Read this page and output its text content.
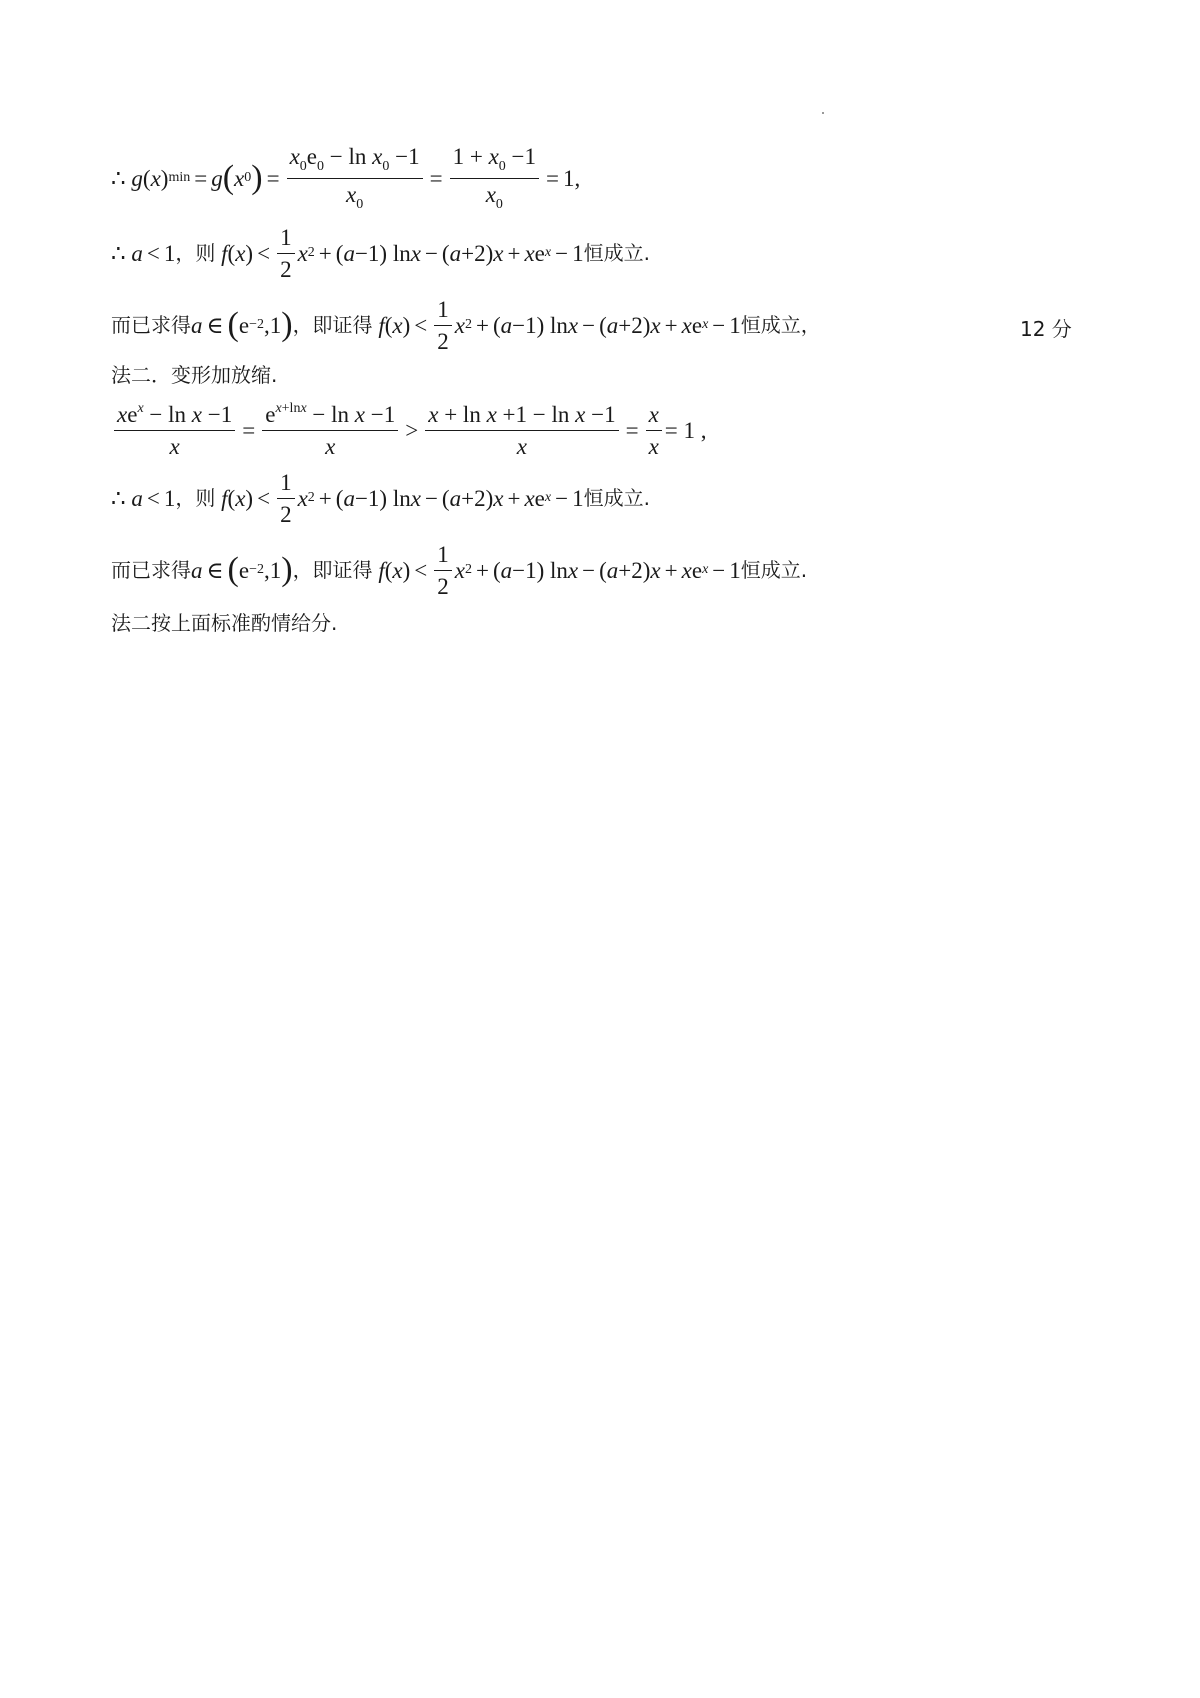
∴
g ( x ) min = g ( x 0 ) = $\frac{x_0e_0 - \ln x_0 -1}{x_0} = \frac{1 + x_0 -1}{x_0} = 1$ ,
∴
a < 1 ，则
f ( x ) < $\frac{1}{2}$ x 2 + ( a −1) ln x − ( a +2) x + x e x − 1 恒成立.
而已求得 a ∈ ( e −2 ,1 ) ，即证得
f ( x ) < $\frac{1}{2}$ x 2 + ( a −1) ln x − ( a +2) x + x e x − 1 恒成立，	12 分
法二．变形加放缩.
$\frac{xe^x - \ln x -1}{x} = \frac{e^{x+lnx} - \ln x -1}{x} > \frac{\text{x + ln x +1 − ln x −1}}{x} = \frac{x}{x} = 1$ ,
∴
a < 1 ，则
f ( x ) < $\frac{1}{2}$ x 2 + ( a −1) ln x − ( a +2) x + x e x − 1 恒成立.
而已求得 a ∈ ( e −2 ,1 ) ，即证得
f ( x ) < $\frac{1}{2}$ x 2 + ( a −1) ln x − ( a +2) x + x e x − 1 恒成立.
法二按上面标准酌情给分.
